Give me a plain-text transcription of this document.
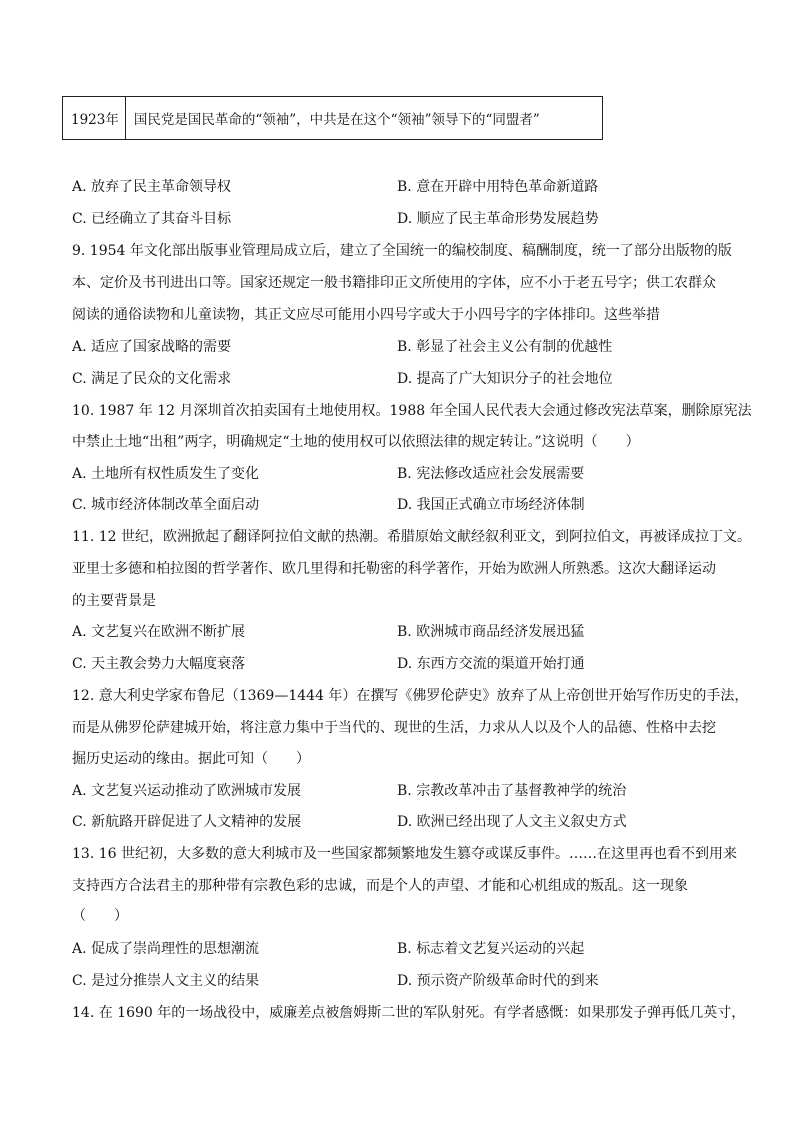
1923年	国民党是国民革命的“领袖”，中共是在这个“领袖”领导下的“同盟者”
A. 放弃了民主革命领导权	B. 意在开辟中用特色革命新道路
C. 已经确立了其奋斗目标	D. 顺应了民主革命形势发展趋势
9. 1954 年文化部出版事业管理局成立后，建立了全国统一的编校制度、稿酬制度，统一了部分出版物的版
本、定价及书刊进出口等。国家还规定一般书籍排印正文所使用的字体，应不小于老五号字；供工农群众
阅读的通俗读物和儿童读物，其正文应尽可能用小四号字或大于小四号字的字体排印。这些举措
A. 适应了国家战略的需要	B. 彰显了社会主义公有制的优越性
C. 满足了民众的文化需求	D. 提高了广大知识分子的社会地位
10. 1987 年 12 月深圳首次拍卖国有土地使用权。1988 年全国人民代表大会通过修改宪法草案，删除原宪法
中禁止土地“出租”两字，明确规定“土地的使用权可以依照法律的规定转让。”这说明（　　）
A. 土地所有权性质发生了变化	B. 宪法修改适应社会发展需要
C. 城市经济体制改革全面启动	D. 我国正式确立市场经济体制
11. 12 世纪，欧洲掀起了翻译阿拉伯文献的热潮。希腊原始文献经叙利亚文，到阿拉伯文，再被译成拉丁文。
亚里士多德和柏拉图的哲学著作、欧几里得和托勒密的科学著作，开始为欧洲人所熟悉。这次大翻译运动
的主要背景是
A. 文艺复兴在欧洲不断扩展	B. 欧洲城市商品经济发展迅猛
C. 天主教会势力大幅度衰落	D. 东西方交流的渠道开始打通
12. 意大利史学家布鲁尼（1369—1444 年）在撰写《佛罗伦萨史》放弃了从上帝创世开始写作历史的手法，
而是从佛罗伦萨建城开始，将注意力集中于当代的、现世的生活，力求从人以及个人的品德、性格中去挖
掘历史运动的缘由。据此可知（　　）
A. 文艺复兴运动推动了欧洲城市发展	B. 宗教改革冲击了基督教神学的统治
C. 新航路开辟促进了人文精神的发展	D. 欧洲已经出现了人文主义叙史方式
13. 16 世纪初，大多数的意大利城市及一些国家都频繁地发生篡夺或谋反事件。……在这里再也看不到用来
支持西方合法君主的那种带有宗教色彩的忠诚，而是个人的声望、才能和心机组成的叛乱。这一现象
（　　）
A. 促成了崇尚理性的思想潮流	B. 标志着文艺复兴运动的兴起
C. 是过分推崇人文主义的结果	D. 预示资产阶级革命时代的到来
14. 在 1690 年的一场战役中，威廉差点被詹姆斯二世的军队射死。有学者感慨：如果那发子弹再低几英寸，
